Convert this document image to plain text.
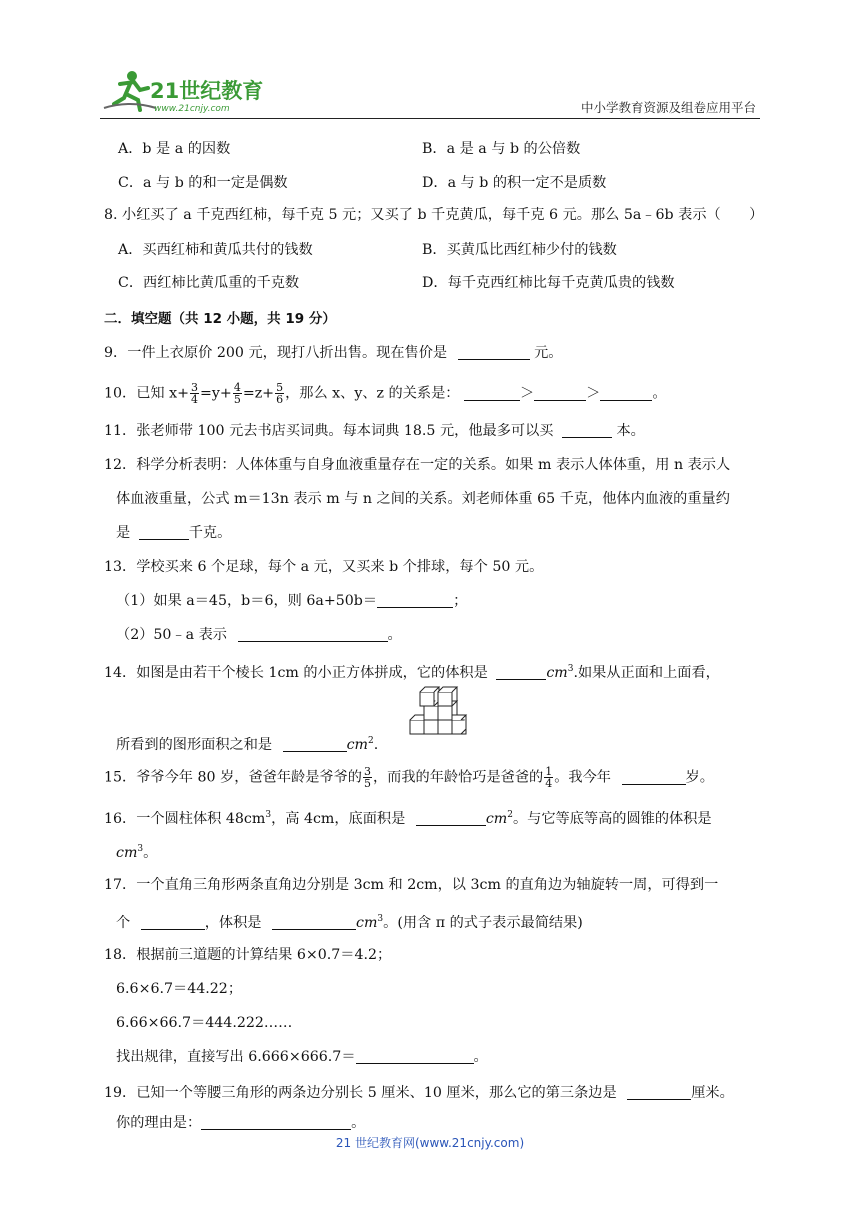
21世纪教育
www.21cnjy.com	中小学教育资源及组卷应用平台
A．b 是 a 的因数	B．a 是 a 与 b 的公倍数
C．a 与 b 的和一定是偶数	D．a 与 b 的积一定不是质数
8. 小红买了 a 千克西红柿，每千克 5 元；又买了 b 千克黄瓜，每千克 6 元。那么 5a﹣6b 表示（　　）
A．买西红柿和黄瓜共付的钱数	B．买黄瓜比西红柿少付的钱数
C．西红柿比黄瓜重的千克数	D．每千克西红柿比每千克黄瓜贵的钱数
二．填空题（共 12 小题，共 19 分）
9．一件上衣原价 200 元，现打八折出售。现在售价是	元。
10．已知 $x+ \frac{3}{4} =y+ \frac{4}{5} =z+ \frac{5}{6}$ ，那么 x、y、z 的关系是：	＞	＞	。
11．张老师带 100 元去书店买词典。每本词典 18.5 元，他最多可以买	本。
12．科学分析表明：人体体重与自身血液重量存在一定的关系。如果 m 表示人体体重，用 n 表示人
体血液重量，公式 m＝13n 表示 m 与 n 之间的关系。刘老师体重 65 千克，他体内血液的重量约
是	千克。
13．学校买来 6 个足球，每个 a 元，又买来 b 个排球，每个 50 元。
（1）如果 a＝45，b＝6，则 6a+50b＝	；
（2）50﹣a 表示	。
14．如图是由若干个棱长 1cm 的小正方体拼成，它的体积是	$cm^3$.如果从正面和上面看，
所看到的图形面积之和是	$cm^2$.
15．爷爷今年 80 岁，爸爸年龄是爷爷的 $\frac{3}{5}$ ，而我的年龄恰巧是爸爸的 $\frac{1}{4}$ 。我今年	岁。
16．一个圆柱体积 $48cm^3$，高 4cm，底面积是	$cm^2$。与它等底等高的圆锥的体积是
$cm^3$。
17．一个直角三角形两条直角边分别是 3cm 和 2cm，以 3cm 的直角边为轴旋转一周，可得到一
个	，体积是	$cm^3$。(用含 π 的式子表示最简结果)
18．根据前三道题的计算结果 6×0.7＝4.2；
6.6×6.7＝44.22；
6.66×66.7＝444.222……
找出规律，直接写出 6.666×666.7＝	。
19．已知一个等腰三角形的两条边分别长 5 厘米、10 厘米，那么它的第三条边是	厘米。
你的理由是：	。
21 世纪教育网(www.21cnjy.com)
